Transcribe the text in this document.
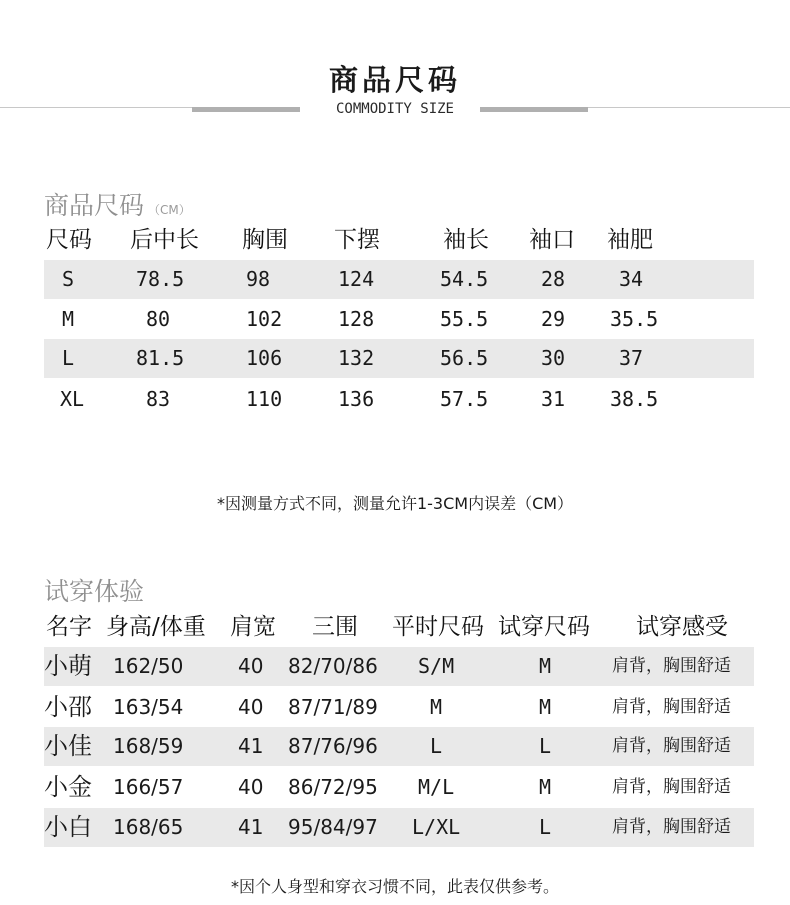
商品尺码
COMMODITY SIZE
商品尺码 （CM）
尺码 后中长 胸围 下摆	袖长 袖口 袖肥
S	78.5	98	124	54.5	28	34
M	80	102	128	55.5	29 35.5
L	81.5	106	132	56.5	30	37
XL	83	110	136	57.5	31 38.5
*因测量方式不同，测量允许1-3CM内误差（CM）
试穿体验
名字 身高/体重 肩宽 三围 平时尺码 试穿尺码 试穿感受
小萌 162/50	40 82/70/86 S/M	M	肩背，胸围舒适
小邵 163/54	40 87/71/89	M	M	肩背，胸围舒适
小佳 168/59	41 87/76/96	L	L	肩背，胸围舒适
小金 166/57	40 86/72/95 M/L	M	肩背，胸围舒适
小白 168/65	41 95/84/97 L/XL	L	肩背，胸围舒适
*因个人身型和穿衣习惯不同，此表仅供参考。
